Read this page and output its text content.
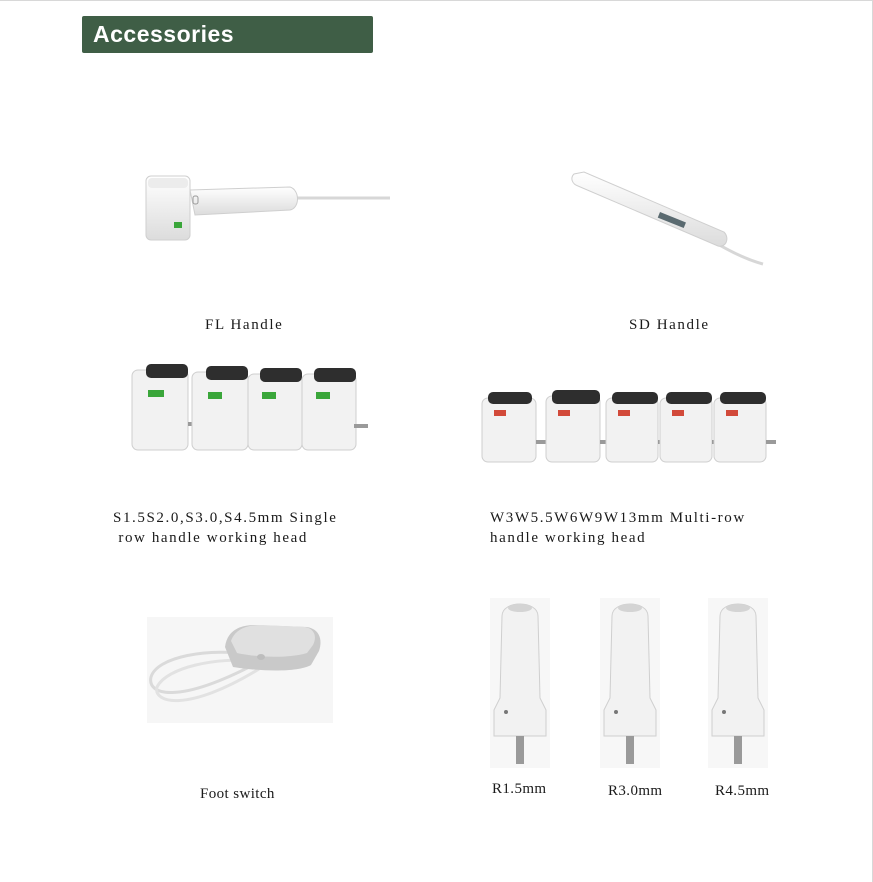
Accessories
FL Handle	SD Handle
S1.5S2.0,S3.0,S4.5mm Single
row handle working head
W3W5.5W6W9W13mm Multi-row
handle working head
Foot switch	R1.5mm	R3.0mm	R4.5mm
